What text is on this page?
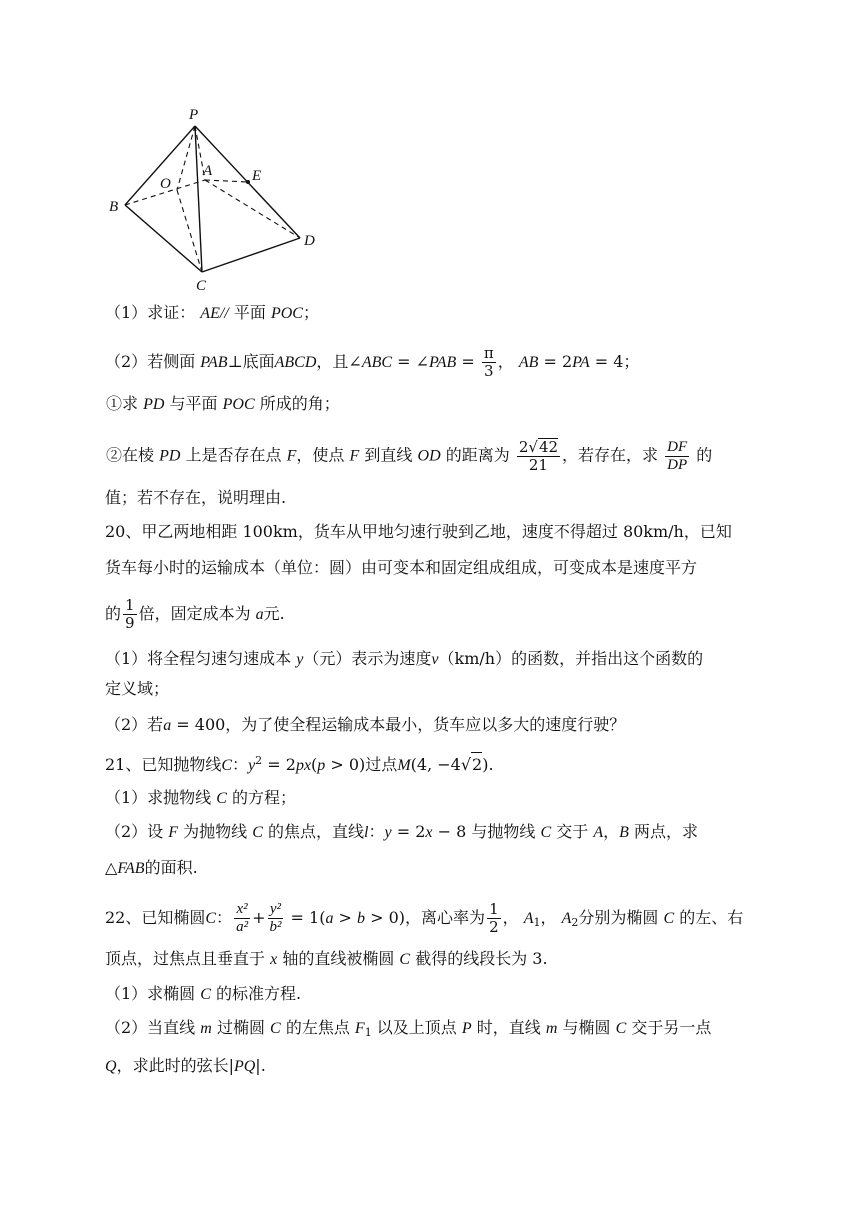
P
A	E
O
B
D
C
（1）求证： AE// 平面 POC；
（2）若侧面 PAB⊥底面ABCD，且∠ABC = ∠PAB = $\frac{\pi}{3}$ ， AB = 2PA = 4；
①求 PD 与平面 POC 所成的角；
②在棱 PD 上是否存在点 F，使点 F 到直线 OD 的距离为 $\frac{2√42}{21}$ ，若存在，求 $\frac{DF}{DP}$ 的
值；若不存在，说明理由.
20、甲乙两地相距 100km，货车从甲地匀速行驶到乙地，速度不得超过 80km/h，已知
货车每小时的运输成本（单位：圆）由可变本和固定组成组成，可变成本是速度平方
的 $\frac{1}{9}$ 倍，固定成本为 a元.
（1）将全程匀速匀速成本 y（元）表示为速度v（km/h）的函数，并指出这个函数的
定义域；
（2）若a = 400，为了使全程运输成本最小，货车应以多大的速度行驶？
21、已知抛物线C：$y^2 = 2px(p > 0)$过点M(4, −4√2).
（1）求抛物线 C 的方程；
（2）设 F 为抛物线 C 的焦点，直线l：y = 2x − 8 与抛物线 C 交于 A，B 两点，求
△FAB的面积.
22、已知椭圆C： $\frac{\text{x²}}{\text{a²}} + \frac{\text{y²}}{\text{b²}} = 1(a > b > 0)$，离心率为 $\frac{1}{2}$ ， $A_1$， $A_2$分别为椭圆 C 的左、右
顶点，过焦点且垂直于 x 轴的直线被椭圆 C 截得的线段长为 3.
（1）求椭圆 C 的标准方程.
（2）当直线 m 过椭圆 C 的左焦点 $F_1$ 以及上顶点 P 时，直线 m 与椭圆 C 交于另一点
Q，求此时的弦长|PQ|.
